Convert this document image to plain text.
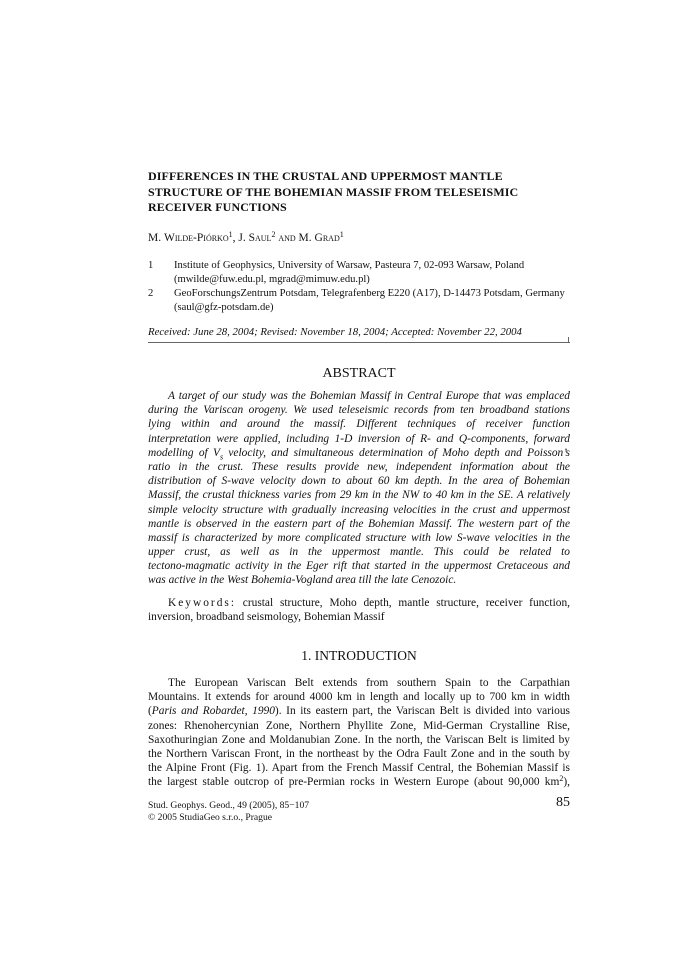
DIFFERENCES IN THE CRUSTAL AND UPPERMOST MANTLE
STRUCTURE OF THE BOHEMIAN MASSIF FROM TELESEISMIC
RECEIVER FUNCTIONS
M. Wilde-Piórko$^1$, J. Saul$^2$ and M. Grad$^1$
1 Institute of Geophysics, University of Warsaw, Pasteura 7, 02-093 Warsaw, Poland
(mwilde@fuw.edu.pl, mgrad@mimuw.edu.pl)
2 GeoForschungsZentrum Potsdam, Telegrafenberg E220 (A17), D-14473 Potsdam, Germany
(saul@gfz-potsdam.de)
Received: June 28, 2004; Revised: November 18, 2004; Accepted: November 22, 2004
ABSTRACT
A target of our study was the Bohemian Massif in Central Europe that was emplaced
during the Variscan orogeny. We used teleseismic records from ten broadband stations
lying within and around the massif. Different techniques of receiver function
interpretation were applied, including 1-D inversion of R- and Q-components, forward
modelling of $V_s$ velocity, and simultaneous determination of Moho depth and Poisson’s
ratio in the crust. These results provide new, independent information about the
distribution of S-wave velocity down to about 60 km depth. In the area of Bohemian
Massif, the crustal thickness varies from 29 km in the NW to 40 km in the SE. A relatively
simple velocity structure with gradually increasing velocities in the crust and uppermost
mantle is observed in the eastern part of the Bohemian Massif. The western part of the
massif is characterized by more complicated structure with low S-wave velocities in the
upper crust, as well as in the uppermost mantle. This could be related to
tectono-magmatic activity in the Eger rift that started in the uppermost Cretaceous and
was active in the West Bohemia-Vogland area till the late Cenozoic.
Keywords: crustal structure, Moho depth, mantle structure, receiver function,
inversion, broadband seismology, Bohemian Massif
1. INTRODUCTION
The European Variscan Belt extends from southern Spain to the Carpathian
Mountains. It extends for around 4000 km in length and locally up to 700 km in width
(Paris and Robardet, 1990). In its eastern part, the Variscan Belt is divided into various
zones: Rhenohercynian Zone, Northern Phyllite Zone, Mid-German Crystalline Rise,
Saxothuringian Zone and Moldanubian Zone. In the north, the Variscan Belt is limited by
the Northern Variscan Front, in the northeast by the Odra Fault Zone and in the south by
the Alpine Front (Fig. 1). Apart from the French Massif Central, the Bohemian Massif is
the largest stable outcrop of pre-Permian rocks in Western Europe (about 90,000 $km^2$),
Stud. Geophys. Geod., 49 (2005), 85−107
© 2005 StudiaGeo s.r.o., Prague
85
